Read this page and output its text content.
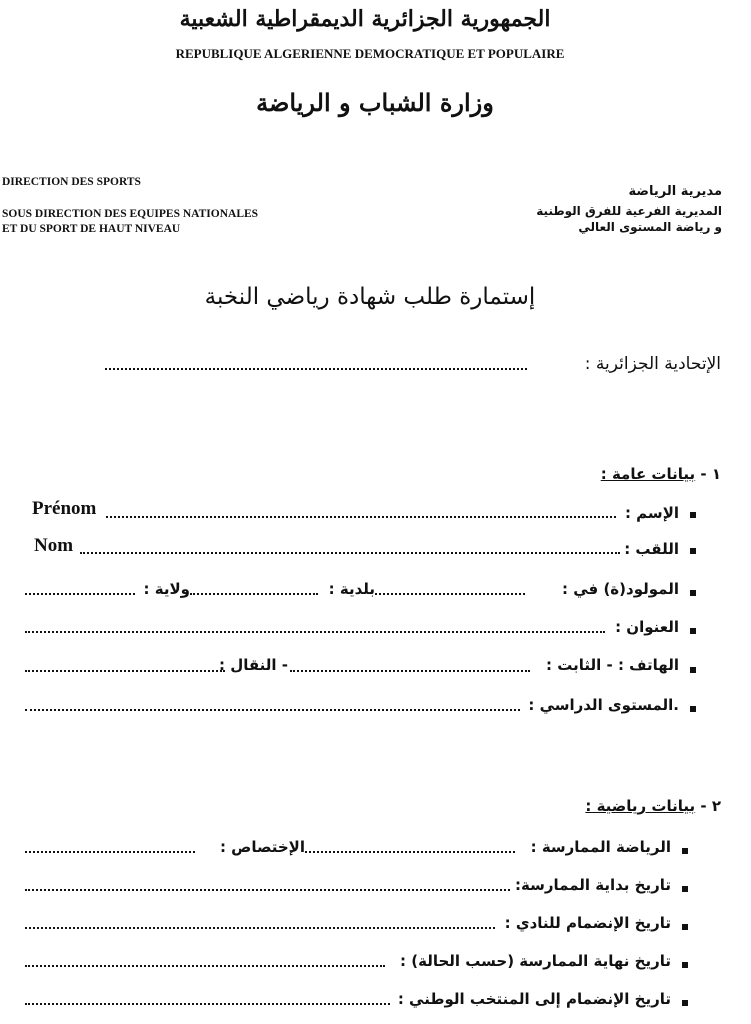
الجمهورية الجزائرية الديمقراطية الشعبية
REPUBLIQUE ALGERIENNE DEMOCRATIQUE ET POPULAIRE
وزارة الشباب و الرياضة
DIRECTION DES SPORTS
SOUS DIRECTION DES EQUIPES NATIONALES
ET DU SPORT DE HAUT NIVEAU
مديرية الرياضة
المديرية الفرعية للفرق الوطنية
و رياضة المستوى العالي
إستمارة طلب شهادة رياضي النخبة
الإتحادية الجزائرية :
١ - بيانات عامة :
الإسم :
Prénom
اللقب :
Nom
المولود(ة) في :
بلدية :
ولاية :
العنوان :
الهاتف : - الثابت :
- النقال :
.المستوى الدراسي :
٢ - بيانات رياضية :
الرياضة الممارسة :
الإختصاص :
تاريخ بداية الممارسة:
تاريخ الإنضمام للنادي :
تاريخ نهاية الممارسة (حسب الحالة) :
تاريخ الإنضمام إلى المنتخب الوطني :
